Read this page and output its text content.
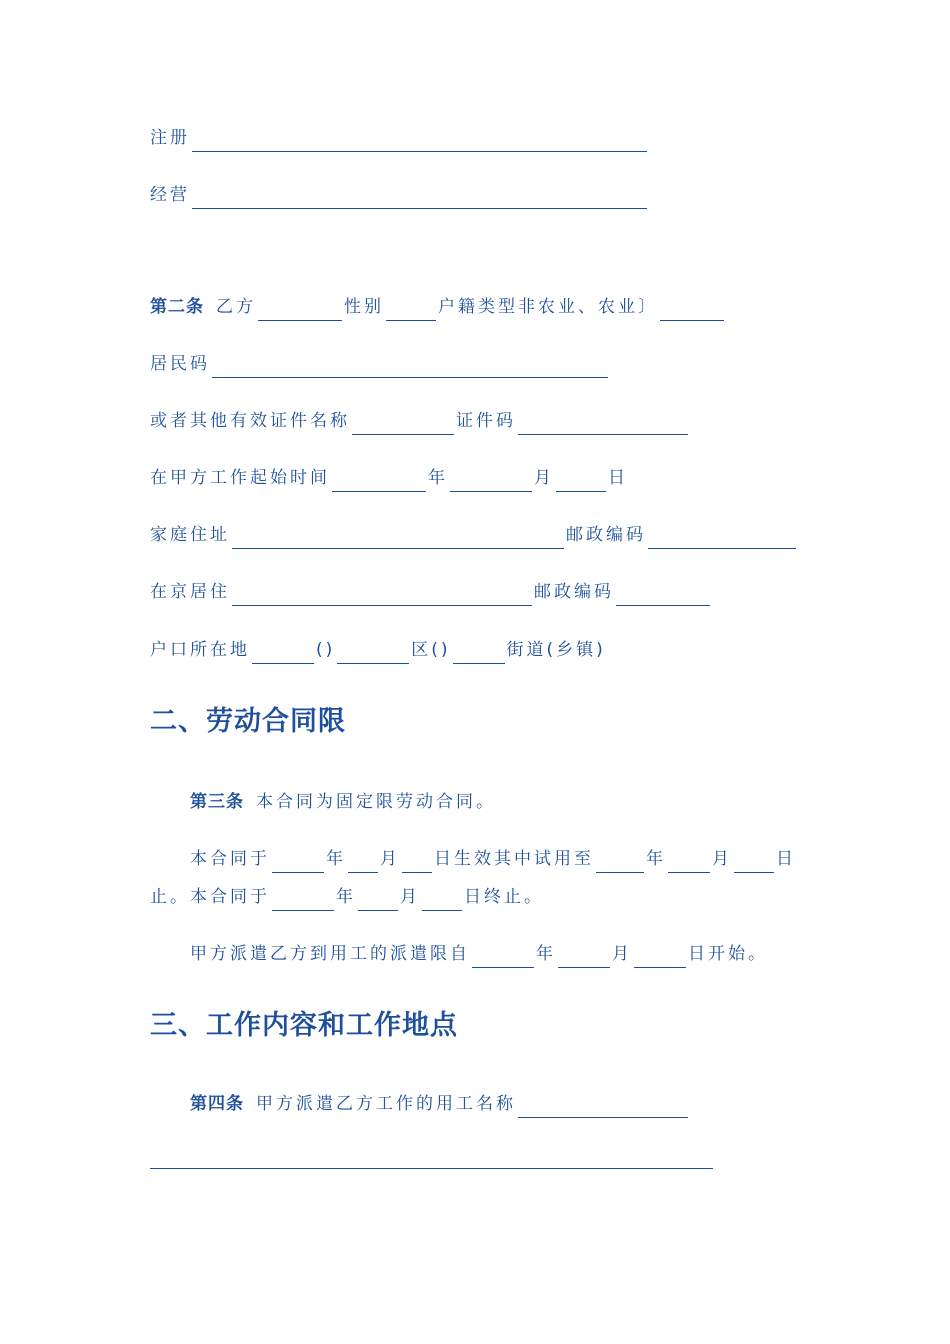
注册
经营
第二条 乙方	性别	户籍类型非农业、农业〕
居民码
或者其他有效证件名称	证件码
在甲方工作起始时间	年	月	日
家庭住址	邮政编码
在京居住	邮政编码
户口所在地	()	区()	街道(乡镇)
二、劳动合同限
第三条 本合同为固定限劳动合同。
本合同于	年 月 日生效其中试用至	年	月	日
止。本合同于	年	月	日终止。
甲方派遣乙方到用工的派遣限自	年	月	日开始。
三、工作内容和工作地点
第四条 甲方派遣乙方工作的用工名称
